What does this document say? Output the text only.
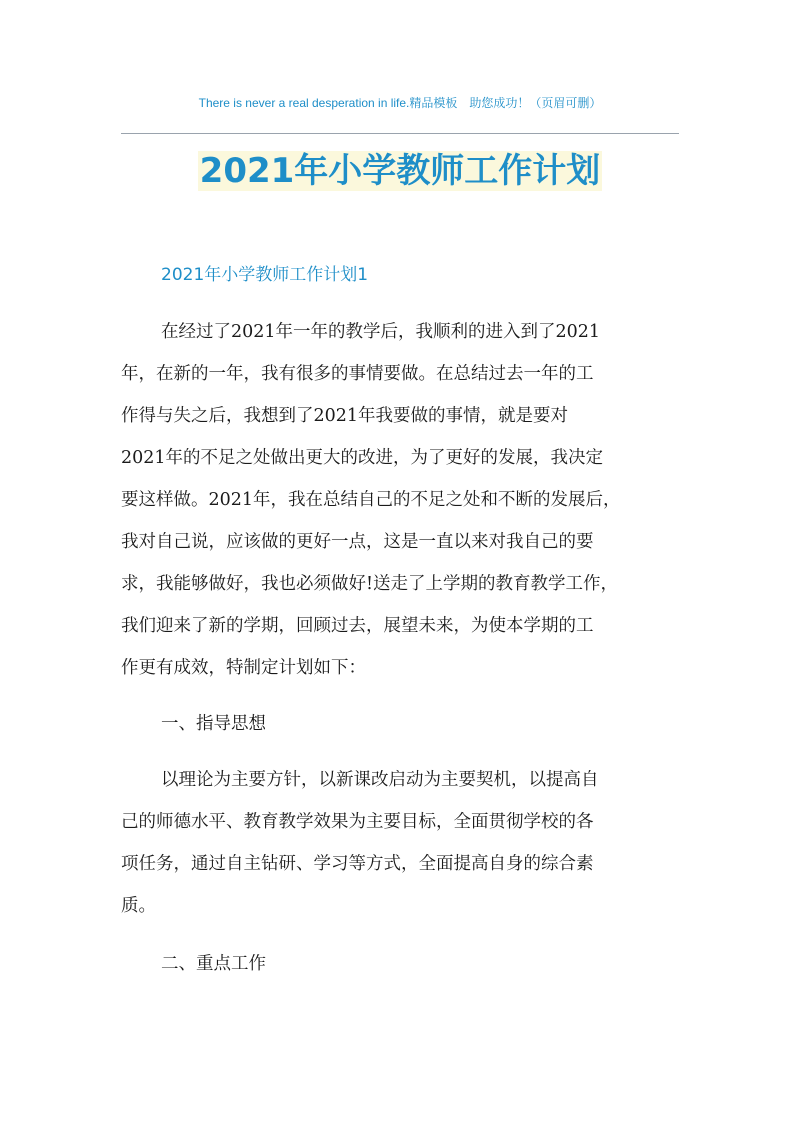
There is never a real desperation in life.精品模板　助您成功！（页眉可删）
2021年小学教师工作计划
2021年小学教师工作计划1
在经过了2021年一年的教学后，我顺利的进入到了2021
年，在新的一年，我有很多的事情要做。在总结过去一年的工
作得与失之后，我想到了2021年我要做的事情，就是要对
2021年的不足之处做出更大的改进，为了更好的发展，我决定
要这样做。2021年，我在总结自己的不足之处和不断的发展后，
我对自己说，应该做的更好一点，这是一直以来对我自己的要
求，我能够做好，我也必须做好!送走了上学期的教育教学工作，
我们迎来了新的学期，回顾过去，展望未来，为使本学期的工
作更有成效，特制定计划如下：
一、指导思想
以理论为主要方针，以新课改启动为主要契机，以提高自
己的师德水平、教育教学效果为主要目标，全面贯彻学校的各
项任务，通过自主钻研、学习等方式，全面提高自身的综合素
质。
二、重点工作
